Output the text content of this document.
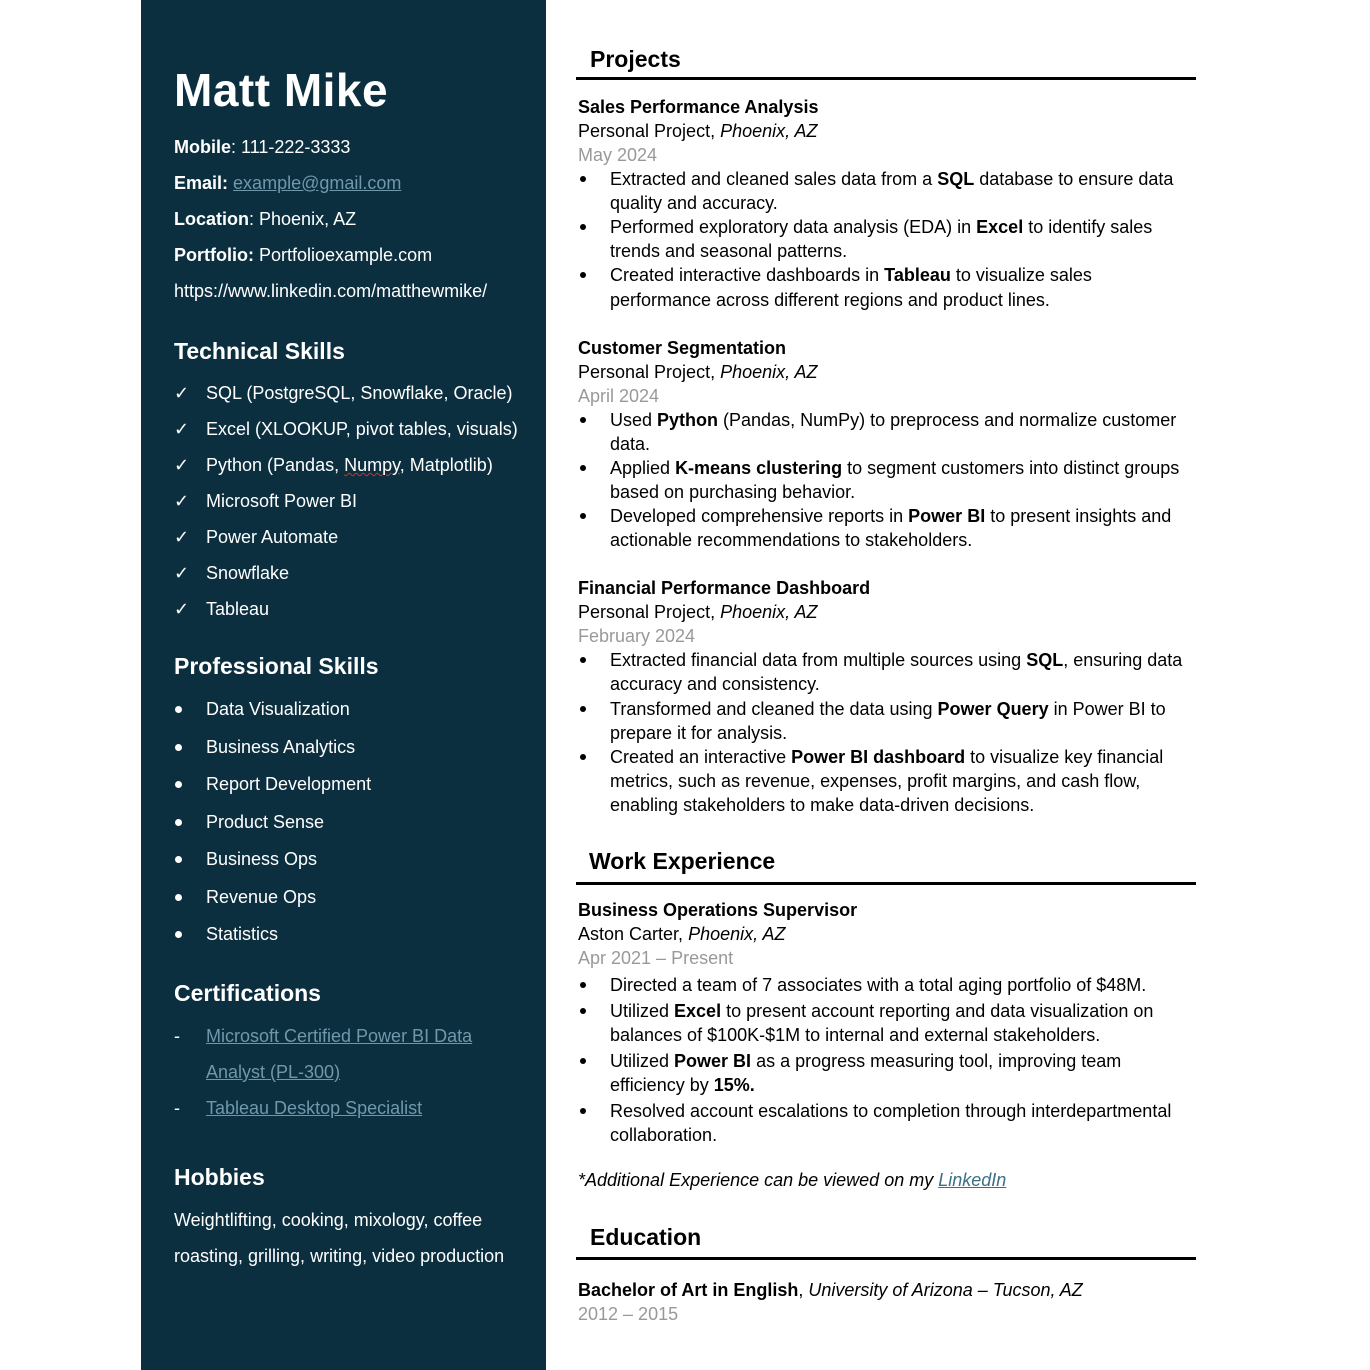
Matt Mike
Mobile: 111-222-3333
Email: example@gmail.com
Location: Phoenix, AZ
Portfolio: Portfolioexample.com
https://www.linkedin.com/matthewmike/
Technical Skills
✓ SQL (PostgreSQL, Snowflake, Oracle)
✓ Excel (XLOOKUP, pivot tables, visuals)
✓ Python (Pandas, Numpy, Matplotlib)
✓ Microsoft Power BI
✓ Power Automate
✓ Snowflake
✓ Tableau
Professional Skills
Data Visualization
Business Analytics
Report Development
Product Sense
Business Ops
Revenue Ops
Statistics
Certifications
- Microsoft Certified Power BI Data Analyst (PL-300)
- Tableau Desktop Specialist
Hobbies

Weightlifting, cooking, mixology, coffee roasting, grilling, writing, video production

Projects
Sales Performance Analysis
Personal Project, Phoenix, AZ
May 2024
Extracted and cleaned sales data from a SQL database to ensure data quality and accuracy.
Performed exploratory data analysis (EDA) in Excel to identify sales trends and seasonal patterns.
Created interactive dashboards in Tableau to visualize sales performance across different regions and product lines.
Customer Segmentation
Personal Project, Phoenix, AZ
April 2024
Used Python (Pandas, NumPy) to preprocess and normalize customer data.
Applied K-means clustering to segment customers into distinct groups based on purchasing behavior.
Developed comprehensive reports in Power BI to present insights and actionable recommendations to stakeholders.
Financial Performance Dashboard
Personal Project, Phoenix, AZ
February 2024
Extracted financial data from multiple sources using SQL, ensuring data accuracy and consistency.
Transformed and cleaned the data using Power Query in Power BI to prepare it for analysis.
Created an interactive Power BI dashboard to visualize key financial metrics, such as revenue, expenses, profit margins, and cash flow, enabling stakeholders to make data-driven decisions.
Work Experience
Business Operations Supervisor
Aston Carter, Phoenix, AZ
Apr 2021 – Present
Directed a team of 7 associates with a total aging portfolio of $48M.
Utilized Excel to present account reporting and data visualization on balances of $100K-$1M to internal and external stakeholders.
Utilized Power BI as a progress measuring tool, improving team efficiency by 15%.
Resolved account escalations to completion through interdepartmental collaboration.
*Additional Experience can be viewed on my LinkedIn
Education
Bachelor of Art in English, University of Arizona – Tucson, AZ
2012 – 2015
